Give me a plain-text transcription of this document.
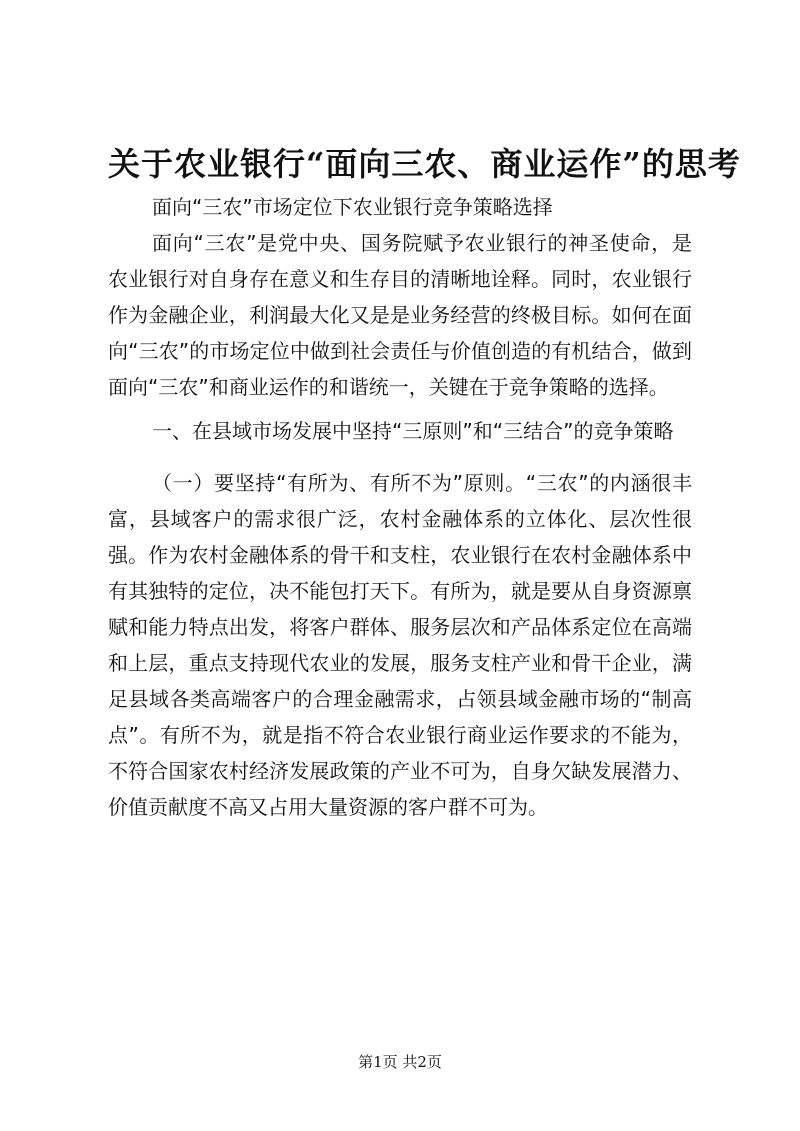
关于农业银行“面向三农、商业运作”的思考

面向“三农”市场定位下农业银行竞争策略选择

面向“三农”是党中央、国务院赋予农业银行的神圣使命，是农业银行对自身存在意义和生存目的清晰地诠释。同时，农业银行作为金融企业，利润最大化又是是业务经营的终极目标。如何在面向“三农”的市场定位中做到社会责任与价值创造的有机结合，做到面向“三农”和商业运作的和谐统一，关键在于竞争策略的选择。

一、在县域市场发展中坚持“三原则”和“三结合”的竞争策略

（一）要坚持“有所为、有所不为”原则。“三农”的内涵很丰富，县域客户的需求很广泛，农村金融体系的立体化、层次性很强。作为农村金融体系的骨干和支柱，农业银行在农村金融体系中有其独特的定位，决不能包打天下。有所为，就是要从自身资源禀赋和能力特点出发，将客户群体、服务层次和产品体系定位在高端和上层，重点支持现代农业的发展，服务支柱产业和骨干企业，满足县域各类高端客户的合理金融需求，占领县域金融市场的“制高点”。有所不为，就是指不符合农业银行商业运作要求的不能为，不符合国家农村经济发展政策的产业不可为，自身欠缺发展潜力、价值贡献度不高又占用大量资源的客户群不可为。

第1页 共2页
